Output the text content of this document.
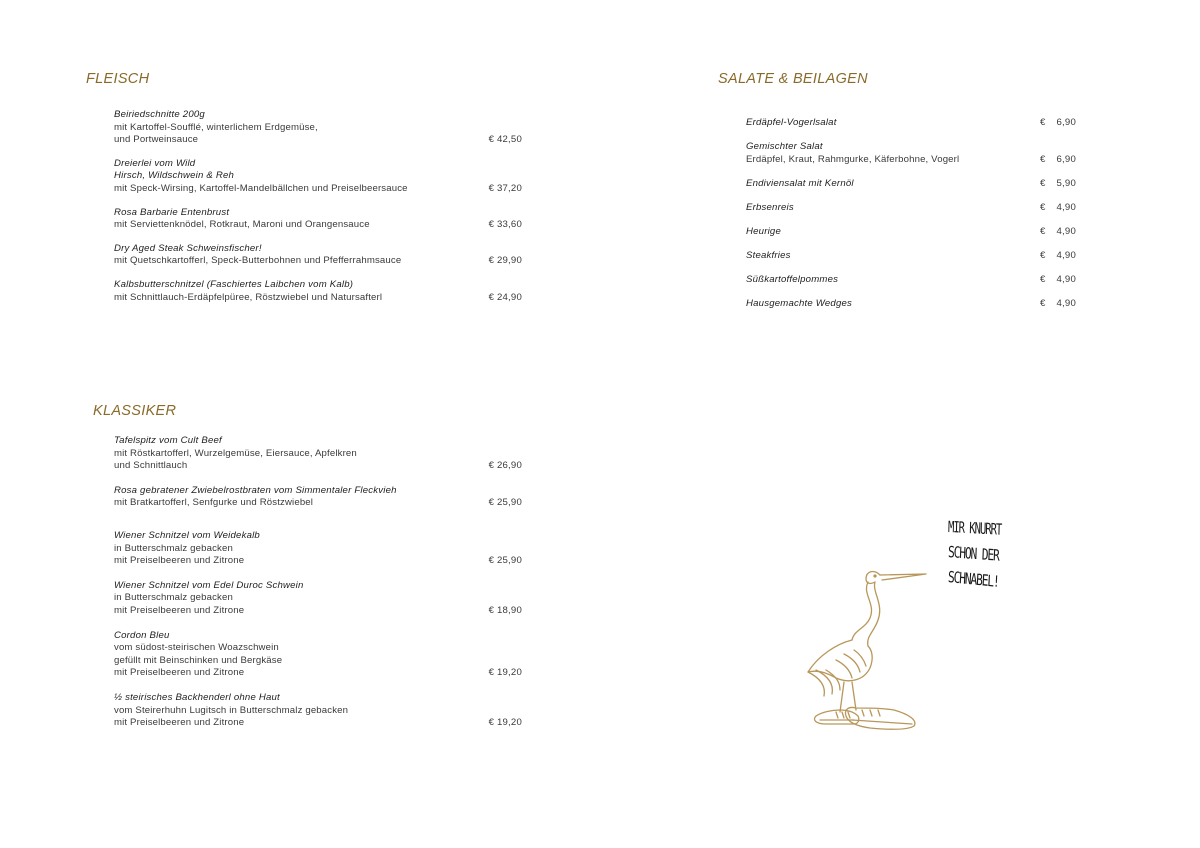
FLEISCH
Beiriedschnitte 200g
mit Kartoffel-Soufflé, winterlichem Erdgemüse,
und Portweinsauce	€ 42,50
Dreierlei vom Wild
Hirsch, Wildschwein & Reh
mit Speck-Wirsing, Kartoffel-Mandelbällchen und Preiselbeersauce	€ 37,20
Rosa Barbarie Entenbrust
mit Serviettenknödel, Rotkraut, Maroni und Orangensauce	€ 33,60
Dry Aged Steak Schweinsfischer!
mit Quetschkartofferl, Speck-Butterbohnen und Pfefferrahmsauce	€ 29,90
Kalbsbutterschnitzel (Faschiertes Laibchen vom Kalb)
mit Schnittlauch-Erdäpfelpüree, Röstzwiebel und Natursafterl	€ 24,90
SALATE & BEILAGEN
Erdäpfel-Vogerlsalat	€ 6,90
Gemischter Salat
Erdäpfel, Kraut, Rahmgurke, Käferbohne, Vogerl	€ 6,90
Endiviensalat mit Kernöl	€ 5,90
Erbsenreis	€ 4,90
Heurige	€ 4,90
Steakfries	€ 4,90
Süßkartoffelpommes	€ 4,90
Hausgemachte Wedges	€ 4,90
KLASSIKER
Tafelspitz vom Cult Beef
mit Röstkartofferl, Wurzelgemüse, Eiersauce, Apfelkren
und Schnittlauch	€ 26,90
Rosa gebratener Zwiebelrostbraten vom Simmentaler Fleckvieh
mit Bratkartofferl, Senfgurke und Röstzwiebel	€ 25,90
Wiener Schnitzel vom Weidekalb
in Butterschmalz gebacken
mit Preiselbeeren und Zitrone	€ 25,90
Wiener Schnitzel vom Edel Duroc Schwein
in Butterschmalz gebacken
mit Preiselbeeren und Zitrone	€ 18,90
Cordon Bleu
vom südost-steirischen Woazschwein
gefüllt mit Beinschinken und Bergkäse
mit Preiselbeeren und Zitrone	€ 19,20
½ steirisches Backhenderl ohne Haut
vom Steirerhuhn Lugitsch in Butterschmalz gebacken
mit Preiselbeeren und Zitrone	€ 19,20
MIR KNURRT
SCHON DER
SCHNABEL!
